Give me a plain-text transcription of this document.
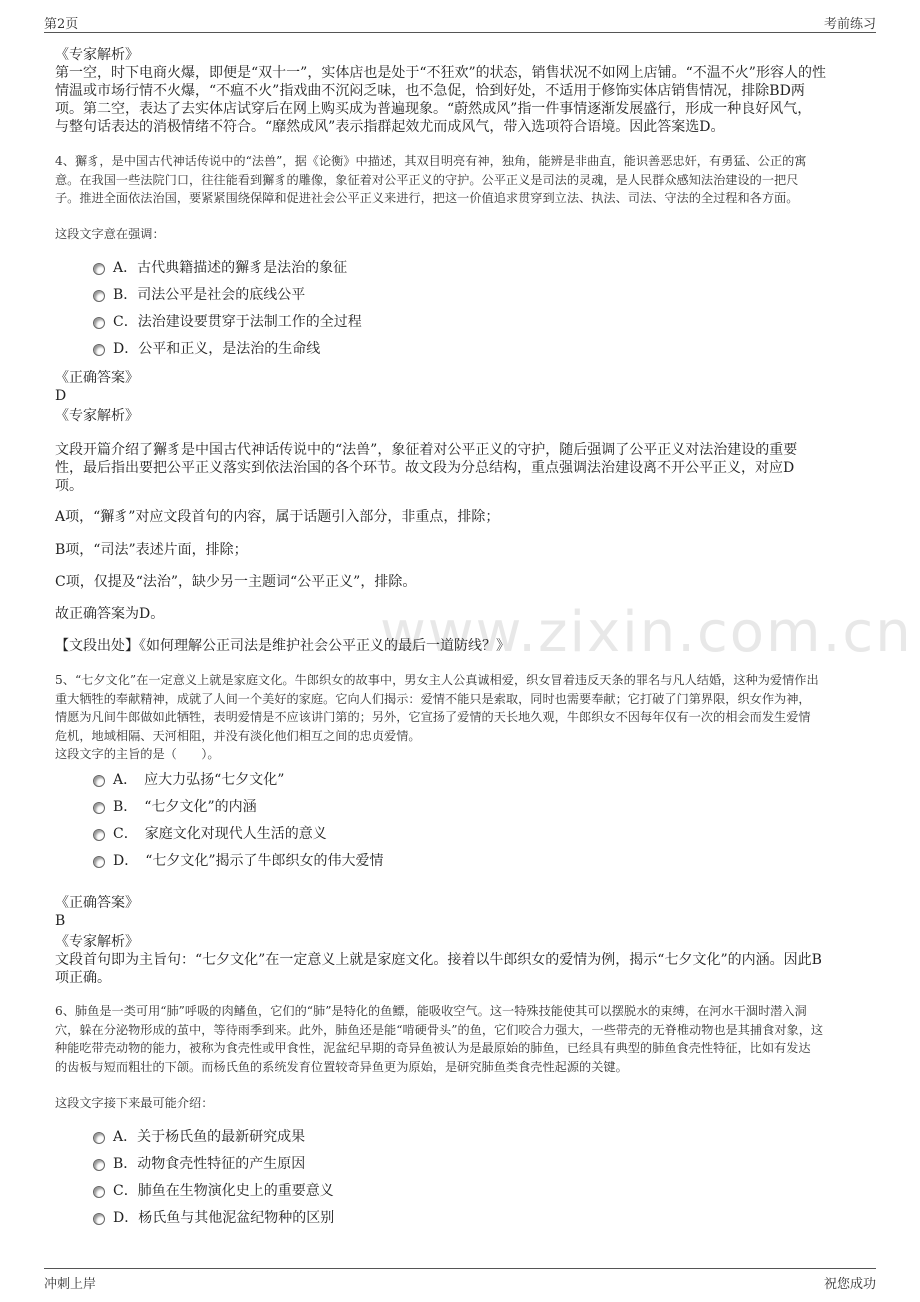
第2页	考前练习
www.zixin.com.cn
《专家解析》
第一空，时下电商火爆，即便是“双十一”，实体店也是处于“不狂欢”的状态，销售状况不如网上店铺。“不温不火”形容人的性
情温或市场行情不火爆，“不瘟不火”指戏曲不沉闷乏味，也不急促，恰到好处，不适用于修饰实体店销售情况，排除BD两
项。第二空，表达了去实体店试穿后在网上购买成为普遍现象。“蔚然成风”指一件事情逐渐发展盛行，形成一种良好风气，
与整句话表达的消极情绪不符合。“靡然成风”表示指群起效尤而成风气，带入选项符合语境。因此答案选D。
4、獬豸，是中国古代神话传说中的“法兽”，据《论衡》中描述，其双目明亮有神，独角，能辨是非曲直，能识善恶忠奸，有勇猛、公正的寓
意。在我国一些法院门口，往往能看到獬豸的雕像，象征着对公平正义的守护。公平正义是司法的灵魂，是人民群众感知法治建设的一把尺
子。推进全面依法治国，要紧紧围绕保障和促进社会公平正义来进行，把这一价值追求贯穿到立法、执法、司法、守法的全过程和各方面。
这段文字意在强调：
A．古代典籍描述的獬豸是法治的象征
B．司法公平是社会的底线公平
C．法治建设要贯穿于法制工作的全过程
D．公平和正义，是法治的生命线
《正确答案》
D
《专家解析》
文段开篇介绍了獬豸是中国古代神话传说中的“法兽”，象征着对公平正义的守护，随后强调了公平正义对法治建设的重要
性，最后指出要把公平正义落实到依法治国的各个环节。故文段为分总结构，重点强调法治建设离不开公平正义，对应D
项。
A项，“獬豸”对应文段首句的内容，属于话题引入部分，非重点，排除；
B项，“司法”表述片面，排除；
C项，仅提及“法治”，缺少另一主题词“公平正义”，排除。
故正确答案为D。
【文段出处】《如何理解公正司法是维护社会公平正义的最后一道防线？》
5、“七夕文化”在一定意义上就是家庭文化。牛郎织女的故事中，男女主人公真诚相爱，织女冒着违反天条的罪名与凡人结婚，这种为爱情作出
重大牺牲的奉献精神，成就了人间一个美好的家庭。它向人们揭示：爱情不能只是索取，同时也需要奉献；它打破了门第界限，织女作为神，
情愿为凡间牛郎做如此牺牲，表明爱情是不应该讲门第的；另外，它宣扬了爱情的天长地久观，牛郎织女不因每年仅有一次的相会而发生爱情
危机，地域相隔、天河相阻，并没有淡化他们相互之间的忠贞爱情。
这段文字的主旨的是（　　）。
A．　应大力弘扬“七夕文化”
B．　“七夕文化”的内涵
C．　家庭文化对现代人生活的意义
D．　“七夕文化”揭示了牛郎织女的伟大爱情
《正确答案》
B
《专家解析》
文段首句即为主旨句：“七夕文化”在一定意义上就是家庭文化。接着以牛郎织女的爱情为例，揭示“七夕文化”的内涵。因此B
项正确。
6、肺鱼是一类可用“肺”呼吸的肉鳍鱼，它们的“肺”是特化的鱼鳔，能吸收空气。这一特殊技能使其可以摆脱水的束缚，在河水干涸时潜入洞
穴，躲在分泌物形成的茧中，等待雨季到来。此外，肺鱼还是能“啃硬骨头”的鱼，它们咬合力强大，一些带壳的无脊椎动物也是其捕食对象，这
种能吃带壳动物的能力，被称为食壳性或甲食性，泥盆纪早期的奇异鱼被认为是最原始的肺鱼，已经具有典型的肺鱼食壳性特征，比如有发达
的齿板与短而粗壮的下颌。而杨氏鱼的系统发育位置较奇异鱼更为原始，是研究肺鱼类食壳性起源的关键。
这段文字接下来最可能介绍：
A．关于杨氏鱼的最新研究成果
B．动物食壳性特征的产生原因
C．肺鱼在生物演化史上的重要意义
D．杨氏鱼与其他泥盆纪物种的区别
冲刺上岸	祝您成功
